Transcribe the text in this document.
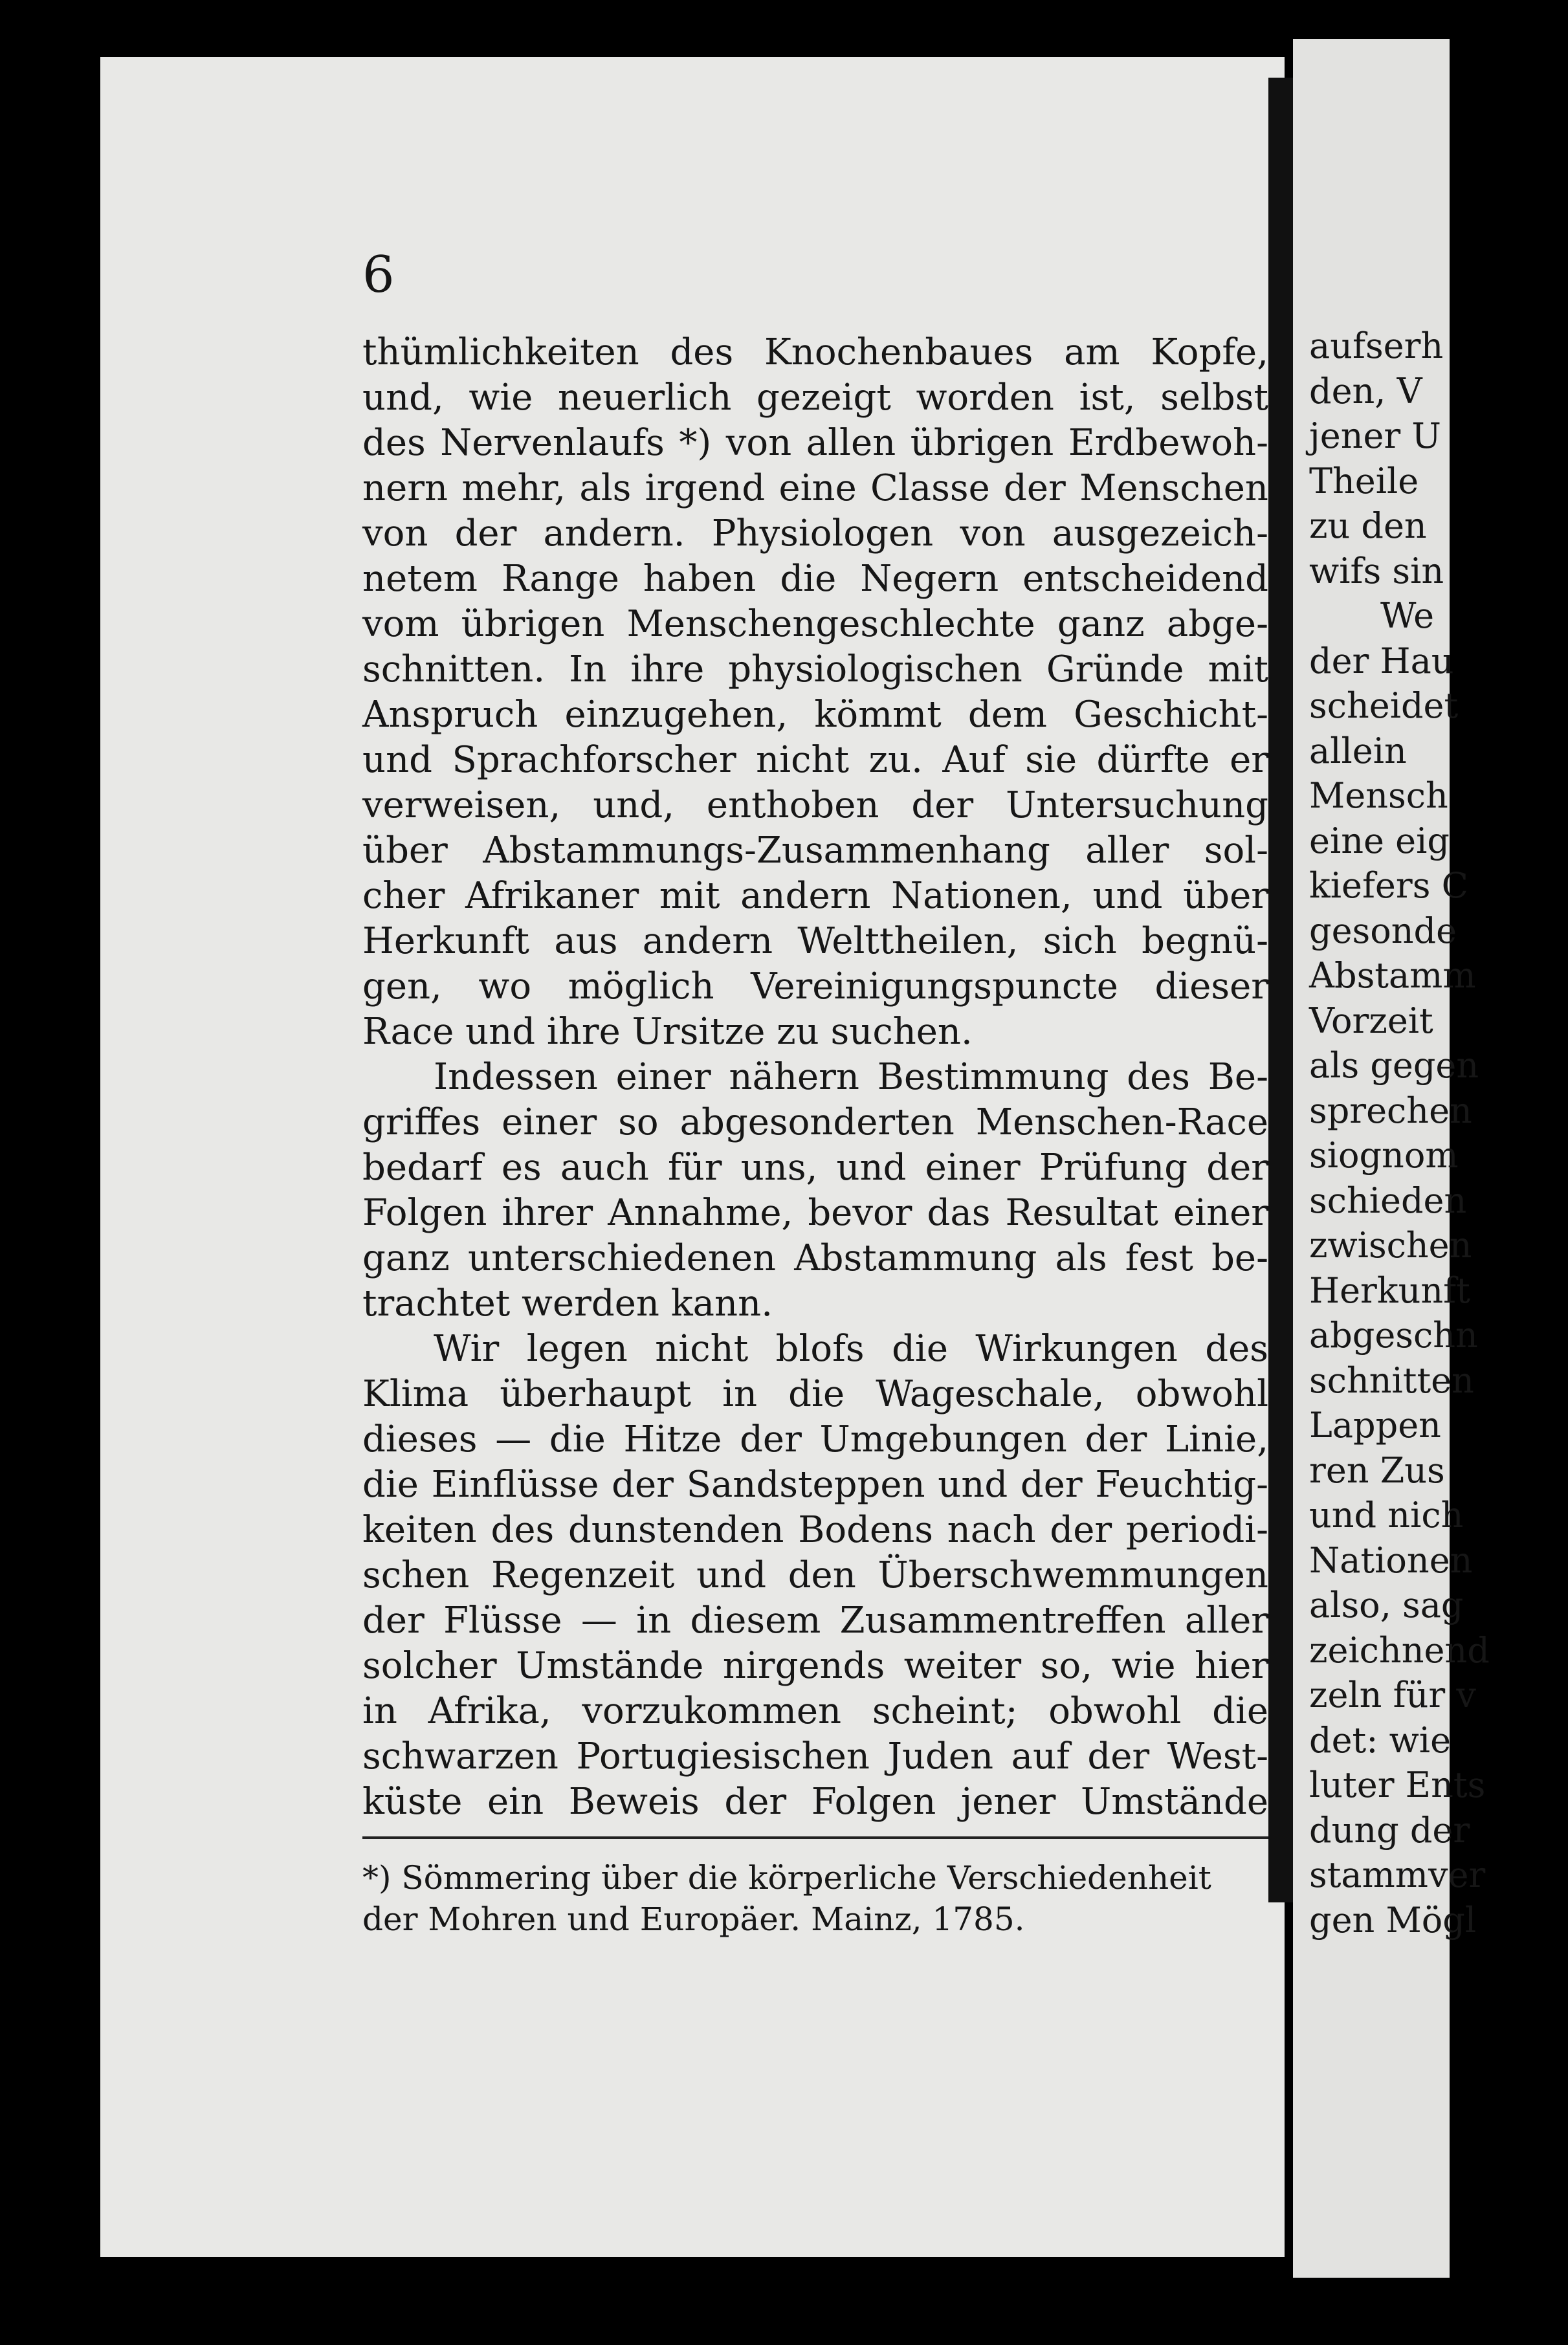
6
thümlichkeiten des Knochenbaues am Kopfe,
und, wie neuerlich gezeigt worden ist, selbst
des Nervenlaufs *) von allen übrigen Erdbewoh-
nern mehr, als irgend eine Classe der Menschen
von der andern. Physiologen von ausgezeich-
netem Range haben die Negern entscheidend
vom übrigen Menschengeschlechte ganz abge-
schnitten. In ihre physiologischen Gründe mit
Anspruch einzugehen, kömmt dem Geschicht-
und Sprachforscher nicht zu. Auf sie dürfte er
verweisen, und, enthoben der Untersuchung
über Abstammungs-Zusammenhang aller sol-
cher Afrikaner mit andern Nationen, und über
Herkunft aus andern Welttheilen, sich begnü-
gen, wo möglich Vereinigungspuncte dieser
Race und ihre Ursitze zu suchen.
Indessen einer nähern Bestimmung des Be-
griffes einer so abgesonderten Menschen-Race
bedarf es auch für uns, und einer Prüfung der
Folgen ihrer Annahme, bevor das Resultat einer
ganz unterschiedenen Abstammung als fest be-
trachtet werden kann.
Wir legen nicht blofs die Wirkungen des
Klima überhaupt in die Wageschale, obwohl
dieses — die Hitze der Umgebungen der Linie,
die Einflüsse der Sandsteppen und der Feuchtig-
keiten des dunstenden Bodens nach der periodi-
schen Regenzeit und den Überschwemmungen
der Flüsse — in diesem Zusammentreffen aller
solcher Umstände nirgends weiter so, wie hier
in Afrika, vorzukommen scheint; obwohl die
schwarzen Portugiesischen Juden auf der West-
küste ein Beweis der Folgen jener Umstände
*) Sömmering über die körperliche Verschiedenheit
der Mohren und Europäer. Mainz, 1785.
aufserh
den, V
jener U
Theile
zu den
wifs sin
We
der Hau
scheidet
allein
Mensch
eine eig
kiefers C
gesonde
Abstamm
Vorzeit
als gegen
sprechen
siognom
schieden
zwischen
Herkunft
abgeschn
schnitten
Lappen
ren Zus
und nich
Nationen
also, sag
zeichnend
zeln für v
det: wie
luter Ents
dung der
stammver
gen Mögl
